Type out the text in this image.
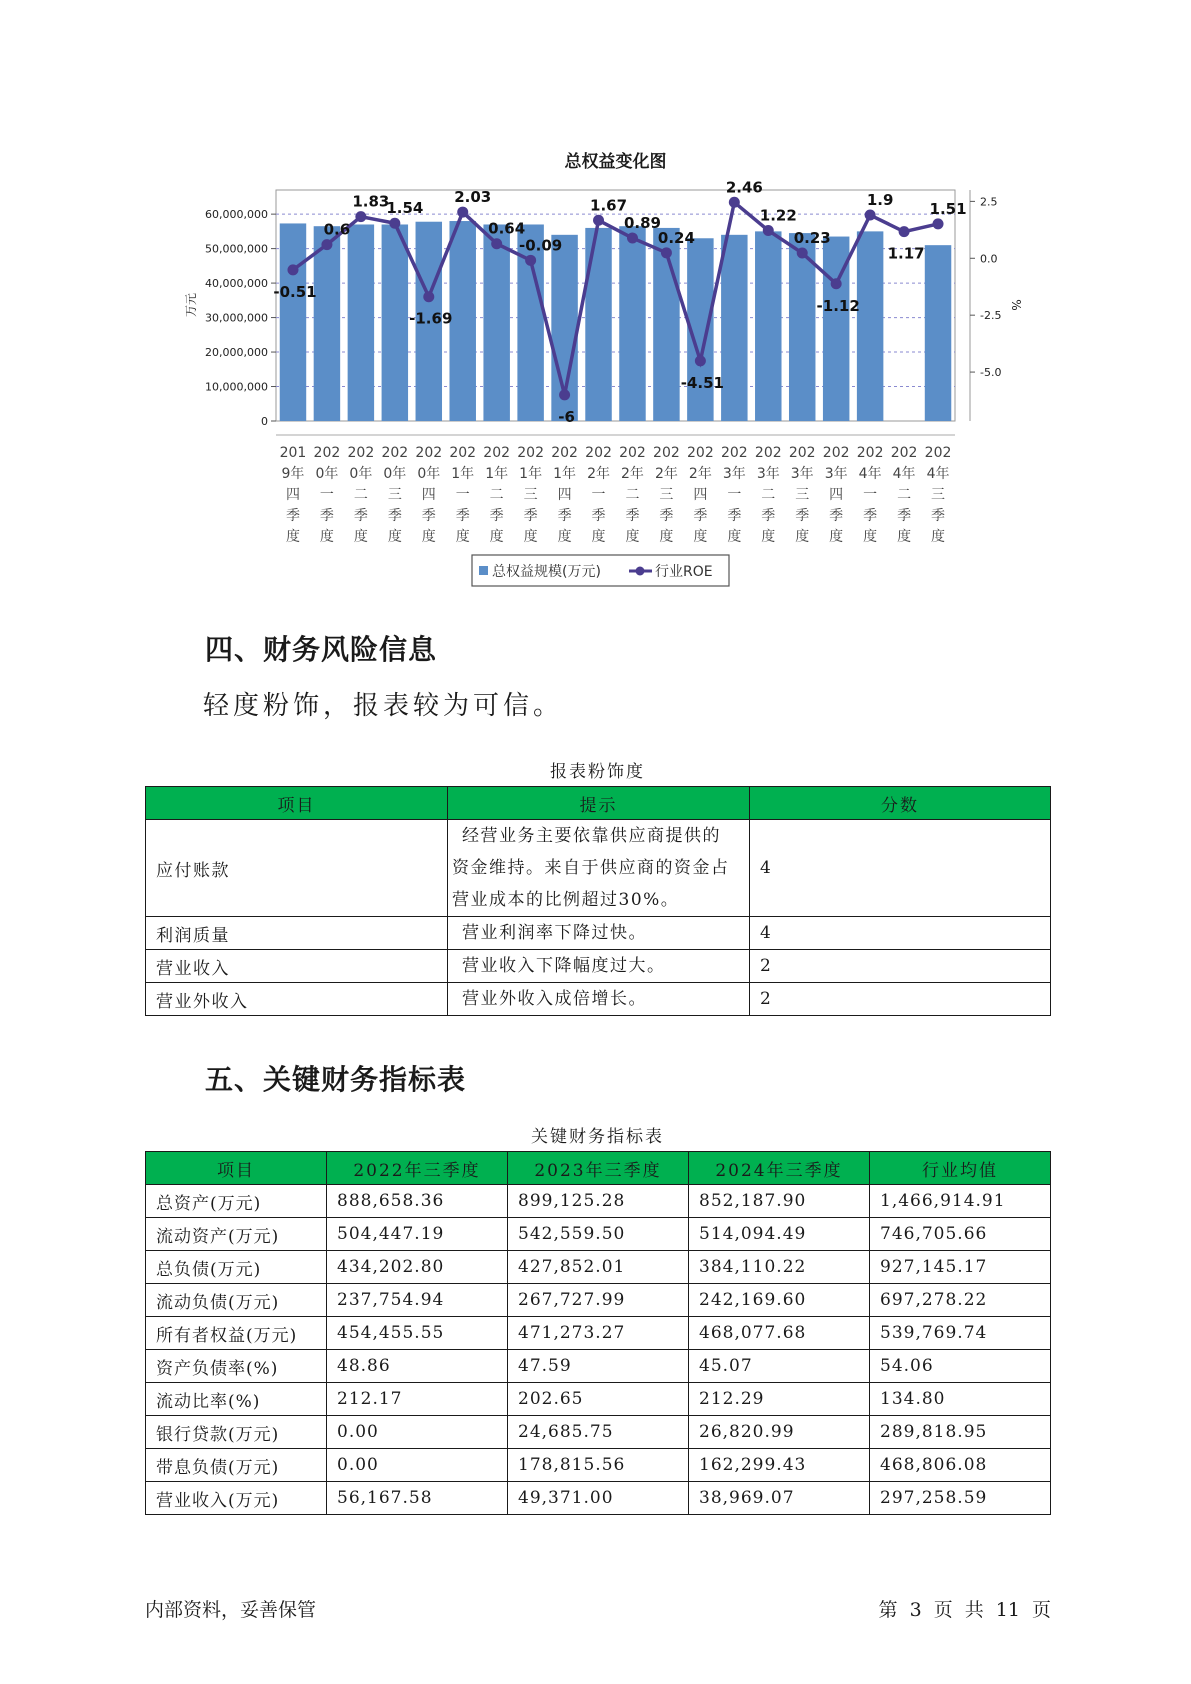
总权益变化图
60,000,000
50,000,000
40,000,000
30,000,000
20,000,000
10,000,000
0
2.5
0.0
-2.5
-5.0
万元	%
201
9年
四
季
度
202
0年
一
季
度
202
0年
二
季
度
202
0年
三
季
度
202
0年
四
季
度
202
1年
一
季
度
202
1年
二
季
度
202
1年
三
季
度
202
1年
四
季
度
202
2年
一
季
度
202
2年
二
季
度
202
2年
三
季
度
202
2年
四
季
度
202
3年
一
季
度
202
3年
二
季
度
202
3年
三
季
度
202
3年
四
季
度
202
4年
一
季
度
202
4年
二
季
度
202
4年
三
季
度
-0.51
0.6
1.83
1.54
-1.69
2.03
0.64
-0.09
-6
1.67
0.89
0.24
-4.51
2.46
1.22
0.23
-1.12
1.9
1.17
1.51
总权益规模(万元)	行业ROE
四、财务风险信息

轻度粉饰，报表较为可信。

报表粉饰度
项目	提示	分数
应付账款	经营业务主要依靠供应商提供的
资金维持。来自于供应商的资金占
营业成本的比例超过30%。	4
利润质量	营业利润率下降过快。	4
营业收入	营业收入下降幅度过大。	2
营业外收入	营业外收入成倍增长。	2
五、关键财务指标表
关键财务指标表
项目	2022年三季度	2023年三季度	2024年三季度	行业均值
总资产(万元)	888,658.36	899,125.28	852,187.90	1,466,914.91
流动资产(万元)	504,447.19	542,559.50	514,094.49	746,705.66
总负债(万元)	434,202.80	427,852.01	384,110.22	927,145.17
流动负债(万元)	237,754.94	267,727.99	242,169.60	697,278.22
所有者权益(万元)	454,455.55	471,273.27	468,077.68	539,769.74
资产负债率(%)	48.86	47.59	45.07	54.06
流动比率(%)	212.17	202.65	212.29	134.80
银行贷款(万元)	0.00	24,685.75	26,820.99	289,818.95
带息负债(万元)	0.00	178,815.56	162,299.43	468,806.08
营业收入(万元)	56,167.58	49,371.00	38,969.07	297,258.59
内部资料，妥善保管	第 3 页 共 11 页
